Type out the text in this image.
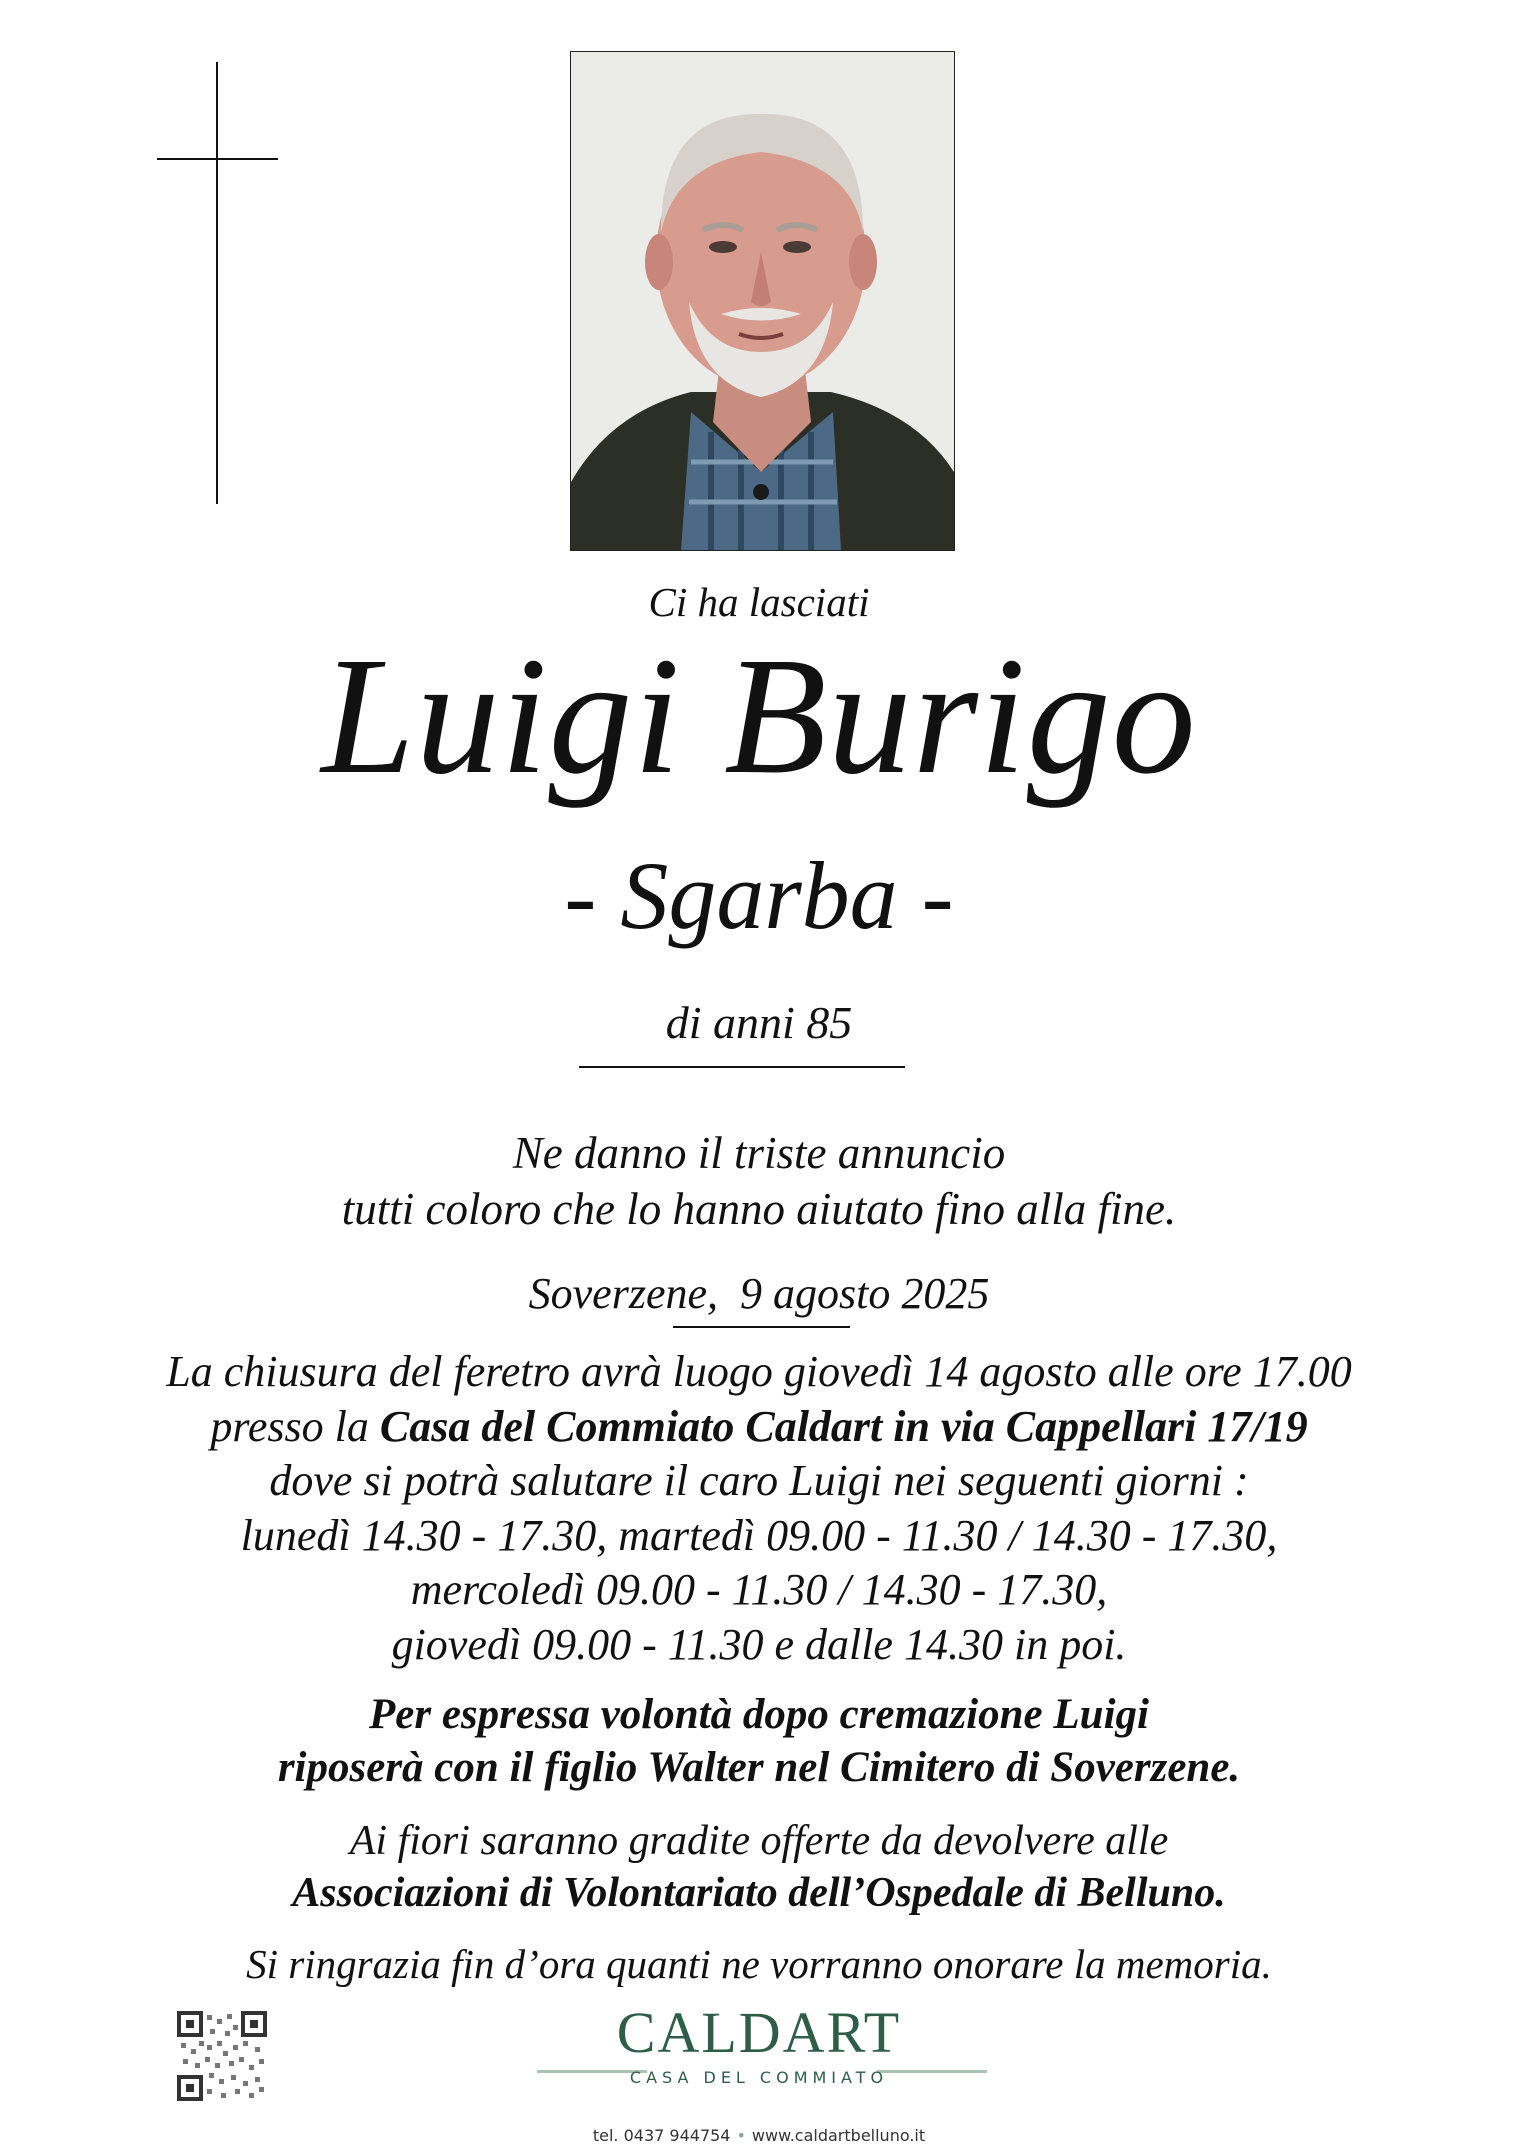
Ci ha lasciati
Luigi Burigo
- Sgarba -
di anni 85
Ne danno il triste annuncio
tutti coloro che lo hanno aiutato fino alla fine.
Soverzene,  9 agosto 2025
La chiusura del feretro avrà luogo giovedì 14 agosto alle ore 17.00
presso la Casa del Commiato Caldart in via Cappellari 17/19
dove si potrà salutare il caro Luigi nei seguenti giorni :
lunedì 14.30 - 17.30, martedì 09.00 - 11.30 / 14.30 - 17.30,
mercoledì 09.00 - 11.30 / 14.30 - 17.30,
giovedì 09.00 - 11.30 e dalle 14.30 in poi.
Per espressa volontà dopo cremazione Luigi
riposerà con il figlio Walter nel Cimitero di Soverzene.
Ai fiori saranno gradite offerte da devolvere alle
Associazioni di Volontariato dell’Ospedale di Belluno.
Si ringrazia fin d’ora quanti ne vorranno onorare la memoria.
CALDART
CASA DEL COMMIATO
tel. 0437 944754 • www.caldartbelluno.it
